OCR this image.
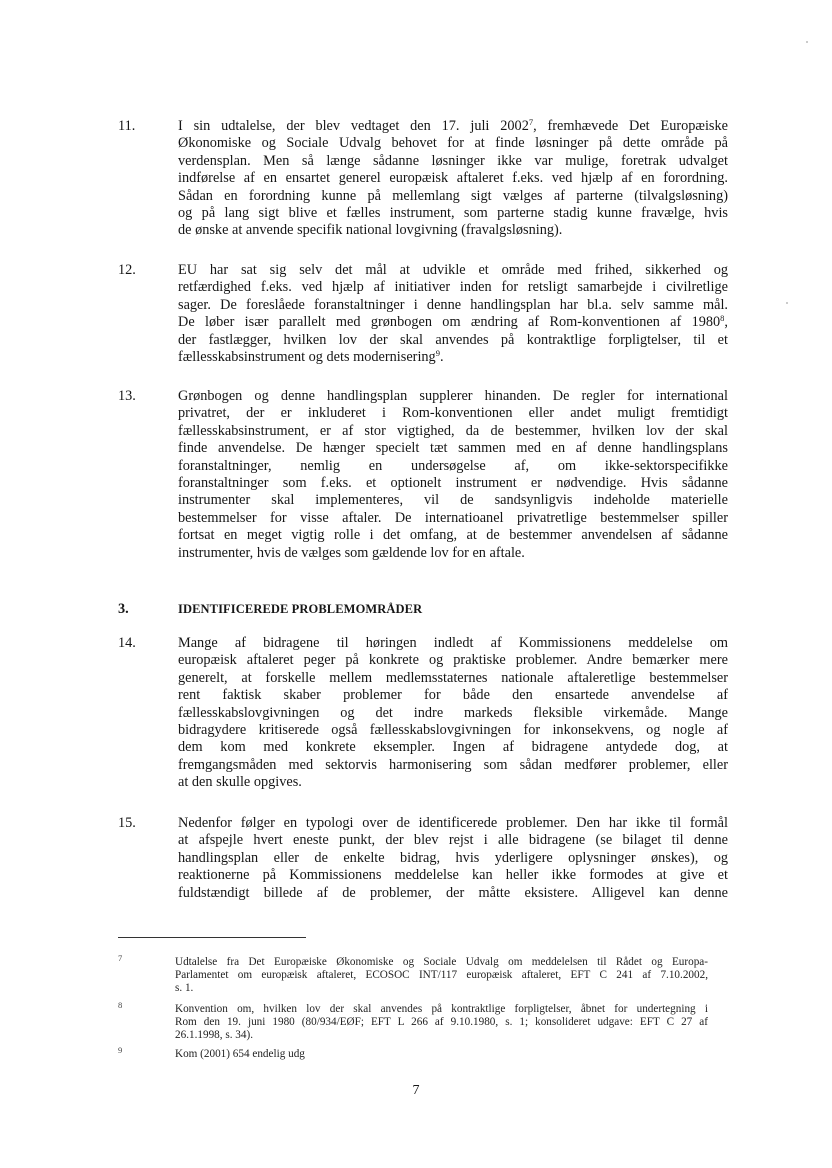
11.	I sin udtalelse, der blev vedtaget den 17. juli 2002$^7$, fremhævede Det Europæiske
Økonomiske og Sociale Udvalg behovet for at finde løsninger på dette område på
verdensplan. Men så længe sådanne løsninger ikke var mulige, foretrak udvalget
indførelse af en ensartet generel europæisk aftaleret f.eks. ved hjælp af en forordning.
Sådan en forordning kunne på mellemlang sigt vælges af parterne (tilvalgsløsning)
og på lang sigt blive et fælles instrument, som parterne stadig kunne fravælge, hvis
de ønske at anvende specifik national lovgivning (fravalgsløsning).
12.	EU har sat sig selv det mål at udvikle et område med frihed, sikkerhed og
retfærdighed f.eks. ved hjælp af initiativer inden for retsligt samarbejde i civilretlige
sager. De foreslåede foranstaltninger i denne handlingsplan har bl.a. selv samme mål.
De løber især parallelt med grønbogen om ændring af Rom-konventionen af 1980$^8$,
der fastlægger, hvilken lov der skal anvendes på kontraktlige forpligtelser, til et
fællesskabsinstrument og dets modernisering$^9$.
13.	Grønbogen og denne handlingsplan supplerer hinanden. De regler for international
privatret, der er inkluderet i Rom-konventionen eller andet muligt fremtidigt
fællesskabsinstrument, er af stor vigtighed, da de bestemmer, hvilken lov der skal
finde anvendelse. De hænger specielt tæt sammen med en af denne handlingsplans
foranstaltninger, nemlig en undersøgelse af, om ikke-sektorspecifikke
foranstaltninger som f.eks. et optionelt instrument er nødvendige. Hvis sådanne
instrumenter skal implementeres, vil de sandsynligvis indeholde materielle
bestemmelser for visse aftaler. De internatioanel privatretlige bestemmelser spiller
fortsat en meget vigtig rolle i det omfang, at de bestemmer anvendelsen af sådanne
instrumenter, hvis de vælges som gældende lov for en aftale.
3.	IDENTIFICEREDE PROBLEMOMRÅDER
14.	Mange af bidragene til høringen indledt af Kommissionens meddelelse om
europæisk aftaleret peger på konkrete og praktiske problemer. Andre bemærker mere
generelt, at forskelle mellem medlemsstaternes nationale aftaleretlige bestemmelser
rent faktisk skaber problemer for både den ensartede anvendelse af
fællesskabslovgivningen og det indre markeds fleksible virkemåde. Mange
bidragydere kritiserede også fællesskabslovgivningen for inkonsekvens, og nogle af
dem kom med konkrete eksempler. Ingen af bidragene antydede dog, at
fremgangsmåden med sektorvis harmonisering som sådan medfører problemer, eller
at den skulle opgives.
15.	Nedenfor følger en typologi over de identificerede problemer. Den har ikke til formål
at afspejle hvert eneste punkt, der blev rejst i alle bidragene (se bilaget til denne
handlingsplan eller de enkelte bidrag, hvis yderligere oplysninger ønskes), og
reaktionerne på Kommissionens meddelelse kan heller ikke formodes at give et
fuldstændigt billede af de problemer, der måtte eksistere. Alligevel kan denne
7	Udtalelse fra Det Europæiske Økonomiske og Sociale Udvalg om meddelelsen til Rådet og Europa-
Parlamentet om europæisk aftaleret, ECOSOC INT/117 europæisk aftaleret, EFT C 241 af 7.10.2002,
s. 1.
8	Konvention om, hvilken lov der skal anvendes på kontraktlige forpligtelser, åbnet for undertegning i
Rom den 19. juni 1980 (80/934/EØF; EFT L 266 af 9.10.1980, s. 1; konsolideret udgave: EFT C 27 af
26.1.1998, s. 34).
9	Kom (2001) 654 endelig udg
7
